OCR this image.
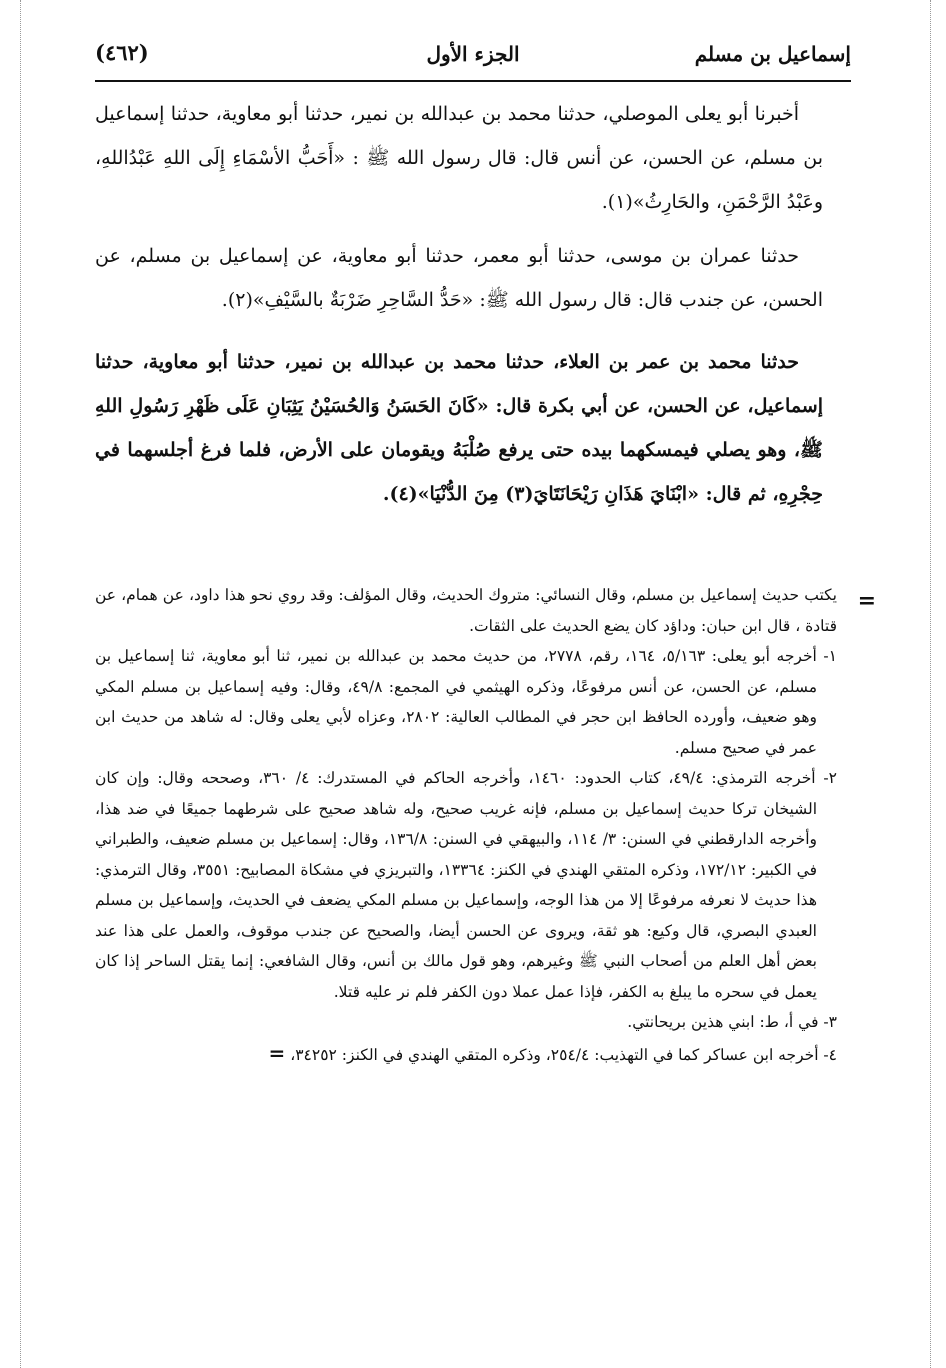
إسماعيل بن مسلم
الجزء الأول
(٤٦٢)

أخبرنا أبو يعلى الموصلي، حدثنا محمد بن عبدالله بن نمير، حدثنا أبو معاوية، حدثنا إسماعيل بن مسلم، عن الحسن، عن أنس قال: قال رسول الله ﷺ : «أَحَبُّ الأسْمَاءِ إِلَى اللهِ عَبْدُاللهِ، وعَبْدُ الرَّحْمَنِ، والحَارِثُ»(١).

حدثنا عمران بن موسى، حدثنا أبو معمر، حدثنا أبو معاوية، عن إسماعيل بن مسلم، عن الحسن، عن جندب قال: قال رسول الله ﷺ: «حَدُّ السَّاحِرِ ضَرْبَةٌ بالسَّيْفِ»(٢).

حدثنا محمد بن عمر بن العلاء، حدثنا محمد بن عبدالله بن نمير، حدثنا أبو معاوية، حدثنا إسماعيل، عن الحسن، عن أبي بكرة قال: «كَانَ الحَسَنُ وَالحُسَيْنُ يَثِبَانِ عَلَى ظَهْرِ رَسُولِ اللهِ ﷺ، وهو يصلي فيمسكهما بيده حتى يرفع صُلْبَهُ ويقومان على الأرض، فلما فرغ أجلسهما في حِجْرِهِ، ثم قال: «ابْنَايَ هَذَانِ رَيْحَانَتَايَ(٣) مِنَ الدُّنْيَا»(٤).

=

يكتب حديث إسماعيل بن مسلم، وقال النسائي: متروك الحديث، وقال المؤلف: وقد روي نحو هذا داود، عن همام، عن قتادة ، قال ابن حبان: وداؤد كان يضع الحديث على الثقات.

١- أخرجه أبو يعلى: ٥/١٦٣، ١٦٤، رقم، ٢٧٧٨، من حديث محمد بن عبدالله بن نمير، ثنا أبو معاوية، ثنا إسماعيل بن مسلم، عن الحسن، عن أنس مرفوعًا، وذكره الهيثمي في المجمع: ٤٩/٨، وقال: وفيه إسماعيل بن مسلم المكي وهو ضعيف، وأورده الحافظ ابن حجر في المطالب العالية: ٢٨٠٢، وعزاه لأبي يعلى وقال: له شاهد من حديث ابن عمر في صحيح مسلم.

٢- أخرجه الترمذي: ٤٩/٤، كتاب الحدود: ١٤٦٠، وأخرجه الحاكم في المستدرك: ٤/ ٣٦٠، وصححه وقال: وإن كان الشيخان تركا حديث إسماعيل بن مسلم، فإنه غريب صحيح، وله شاهد صحيح على شرطهما جميعًا في ضد هذا، وأخرجه الدارقطني في السنن: ٣/ ١١٤، والبيهقي في السنن: ١٣٦/٨، وقال: إسماعيل بن مسلم ضعيف، والطبراني في الكبير: ١٧٢/١٢، وذكره المتقي الهندي في الكنز: ١٣٣٦٤، والتبريزي في مشكاة المصابيح: ٣٥٥١، وقال الترمذي: هذا حديث لا نعرفه مرفوعًا إلا من هذا الوجه، وإسماعيل بن مسلم المكي يضعف في الحديث، وإسماعيل بن مسلم العبدي البصري، قال وكيع: هو ثقة، ويروى عن الحسن أيضا، والصحيح عن جندب موقوف، والعمل على هذا عند بعض أهل العلم من أصحاب النبي ﷺ وغيرهم، وهو قول مالك بن أنس، وقال الشافعي: إنما يقتل الساحر إذا كان يعمل في سحره ما يبلغ به الكفر، فإذا عمل عملا دون الكفر فلم نر عليه قتلا.

٣- في أ، ط: ابني هذين بريحانتي.

٤- أخرجه ابن عساكر كما في التهذيب: ٢٥٤/٤، وذكره المتقي الهندي في الكنز: ٣٤٢٥٢، =
